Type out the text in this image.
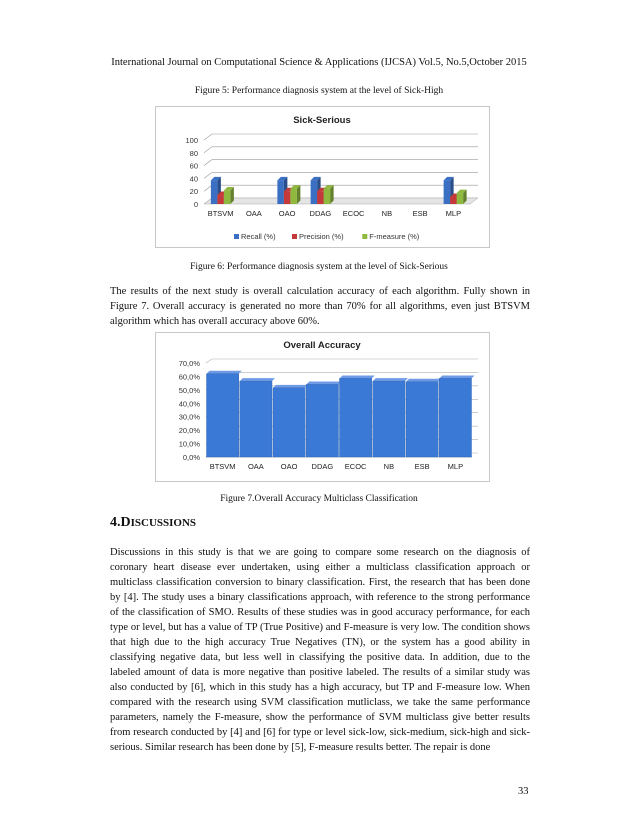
International Journal on Computational Science & Applications (IJCSA) Vol.5, No.5,October 2015
Figure 5: Performance diagnosis system at the level of Sick-High
Sick-Serious
0
20
40
60
80
100
BTSVM OAA OAO DDAG ECOC NB	ESB MLP
Recall (%)	Precision (%)	F-measure (%)
Figure 6: Performance diagnosis system at the level of Sick-Serious

The results of the next study is overall calculation accuracy of each algorithm. Fully shown in Figure 7. Overall accuracy is generated no more than 70% for all algorithms, even just BTSVM algorithm which has overall accuracy above 60%.

Overall Accuracy
0,0%
10,0%
20,0%
30,0%
40,0%
50,0%
60,0%
70,0%
BTSVM OAA OAO DDAG ECOC NB	ESB MLP
Figure 7.Overall Accuracy Multiclass Classification
4.DISCUSSIONS

Discussions in this study is that we are going to compare some research on the diagnosis of coronary heart disease ever undertaken, using either a multiclass classification approach or multiclass classification conversion to binary classification. First, the research that has been done by [4]. The study uses a binary classifications approach, with reference to the strong performance of the classification of SMO. Results of these studies was in good accuracy performance, for each type or level, but has a value of TP (True Positive) and F-measure is very low. The condition shows that high due to the high accuracy True Negatives (TN), or the system has a good ability in classifying negative data, but less well in classifying the positive data. In addition, due to the labeled amount of data is more negative than positive labeled. The results of a similar study was also conducted by [6], which in this study has a high accuracy, but TP and F-measure low. When compared with the research using SVM classification mutliclass, we take the same performance parameters, namely the F-measure, show the performance of SVM multiclass give better results from research conducted by [4] and [6] for type or level sick-low, sick-medium, sick-high and sick-serious. Similar research has been done by [5], F-measure results better. The repair is done

33
